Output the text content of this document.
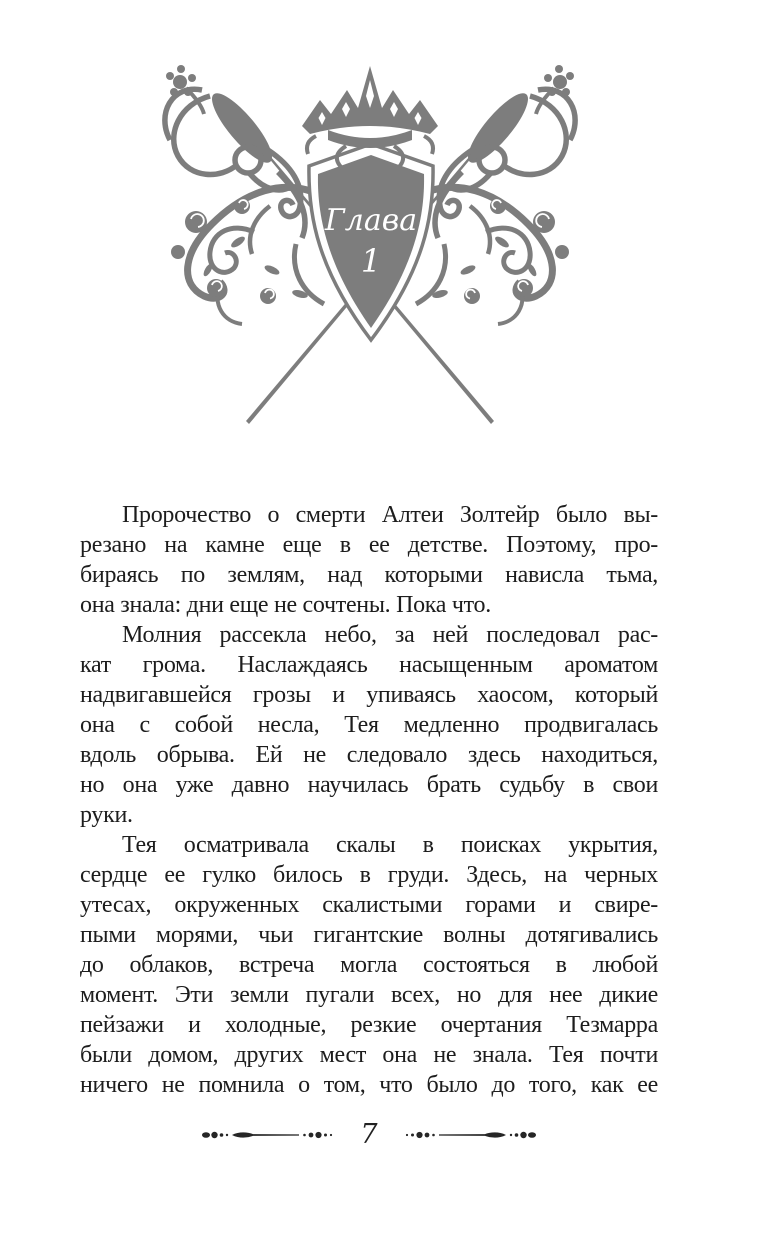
Глава
1
Пророчество о смерти Алтеи Золтейр было вы-
резано на камне еще в ее детстве. Поэтому, про-
бираясь по землям, над которыми нависла тьма,
она знала: дни еще не сочтены. Пока что.
Молния рассекла небо, за ней последовал рас-
кат грома. Наслаждаясь насыщенным ароматом
надвигавшейся грозы и упиваясь хаосом, который
она с собой несла, Тея медленно продвигалась
вдоль обрыва. Ей не следовало здесь находиться,
но она уже давно научилась брать судьбу в свои
руки.
Тея осматривала скалы в поисках укрытия,
сердце ее гулко билось в груди. Здесь, на черных
утесах, окруженных скалистыми горами и свире-
пыми морями, чьи гигантские волны дотягивались
до облаков, встреча могла состояться в любой
момент. Эти земли пугали всех, но для нее дикие
пейзажи и холодные, резкие очертания Тезмарра
были домом, других мест она не знала. Тея почти
ничего не помнила о том, что было до того, как ее
7
